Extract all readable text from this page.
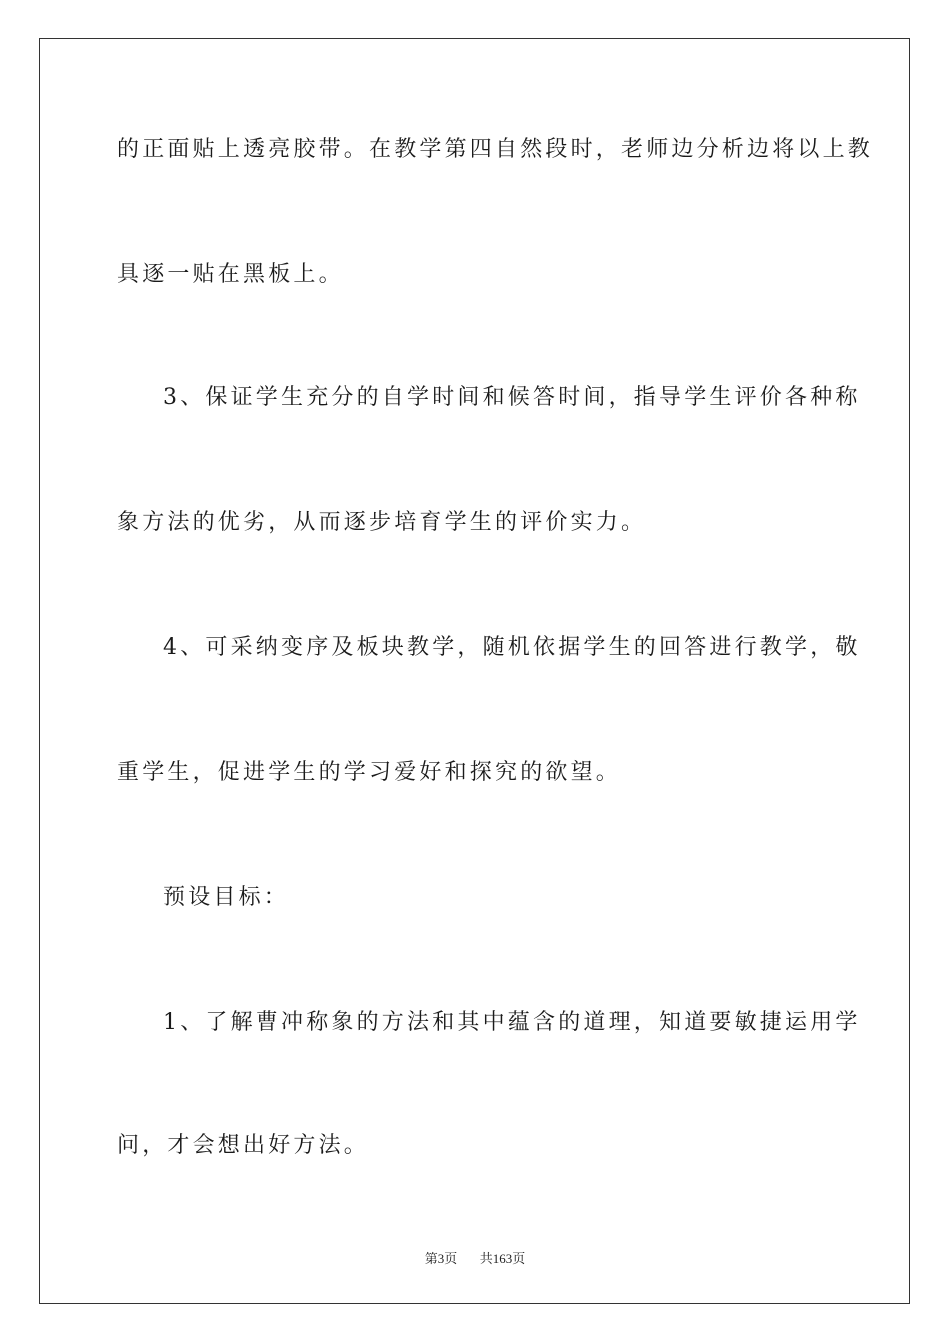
的正面贴上透亮胶带。在教学第四自然段时，老师边分析边将以上教
具逐一贴在黑板上。
3、保证学生充分的自学时间和候答时间，指导学生评价各种称
象方法的优劣，从而逐步培育学生的评价实力。
4、可采纳变序及板块教学，随机依据学生的回答进行教学，敬
重学生，促进学生的学习爱好和探究的欲望。
预设目标：
1、了解曹冲称象的方法和其中蕴含的道理，知道要敏捷运用学
问，才会想出好方法。
第3页 共163页
